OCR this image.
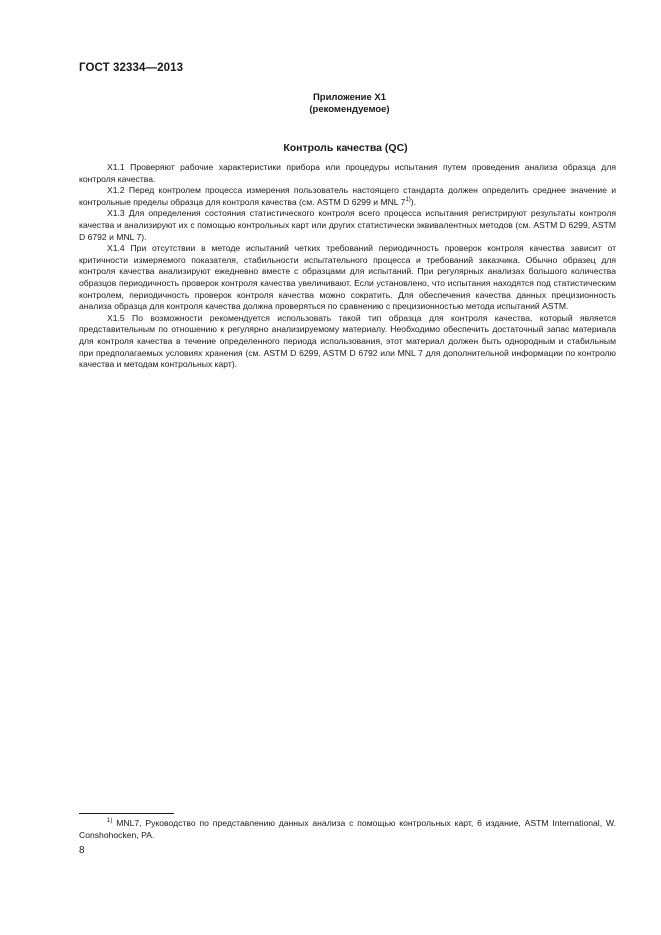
ГОСТ 32334—2013
Приложение X1
(рекомендуемое)
Контроль качества (QC)

X1.1 Проверяют рабочие характеристики прибора или процедуры испытания путем проведения анализа образца для контроля качества.

X1.2 Перед контролем процесса измерения пользователь настоящего стандарта должен определить среднее значение и контрольные пределы образца для контроля качества (см. ASTM D 6299 и MNL 7$^{1)}$).

X1.3 Для определения состояния статистического контроля всего процесса испытания регистрируют результаты контроля качества и анализируют их с помощью контрольных карт или других статистически эквивалентных методов (см. ASTM D 6299, ASTM D 6792 и MNL 7).

X1.4 При отсутствии в методе испытаний четких требований периодичность проверок контроля качества зависит от критичности измеряемого показателя, стабильности испытательного процесса и требований заказчика. Обычно образец для контроля качества анализируют ежедневно вместе с образцами для испытаний. При регулярных анализах большого количества образцов периодичность проверок контроля качества увеличивают. Если установлено, что испытания находятся под статистическим контролем, периодичность проверок контроля качества можно сократить. Для обеспечения качества данных прецизионность анализа образца для контроля качества должна проверяться по сравнению с прецизионностью метода испытаний ASTM.

X1.5 По возможности рекомендуется использовать такой тип образца для контроля качества, который является представительным по отношению к регулярно анализируемому материалу. Необходимо обеспечить достаточный запас материала для контроля качества в течение определенного периода использования, этот материал должен быть однородным и стабильным при предполагаемых условиях хранения (см. ASTM D 6299, ASTM D 6792 или MNL 7 для дополнительной информации по контролю качества и методам контрольных карт).

$^{1)}$ MNL7, Руководство по представлению данных анализа с помощью контрольных карт, 6 издание, ASTM International, W. Conshohocken, PA.
8
